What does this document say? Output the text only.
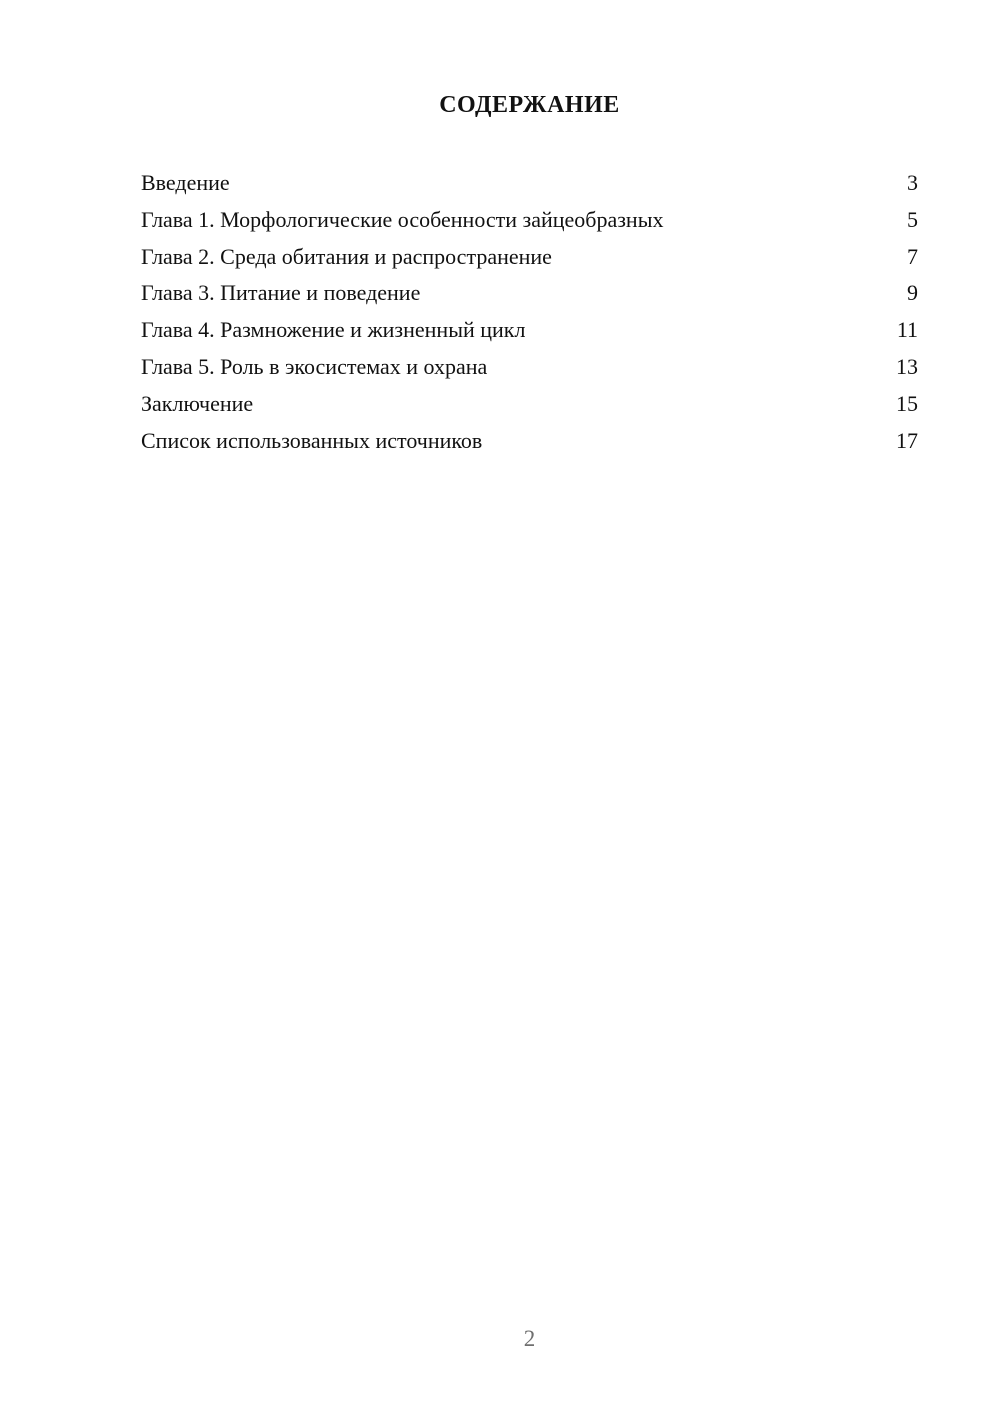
СОДЕРЖАНИЕ
Введение	3
Глава 1. Морфологические особенности зайцеобразных	5
Глава 2. Среда обитания и распространение	7
Глава 3. Питание и поведение	9
Глава 4. Размножение и жизненный цикл	11
Глава 5. Роль в экосистемах и охрана	13
Заключение	15
Список использованных источников	17
2
